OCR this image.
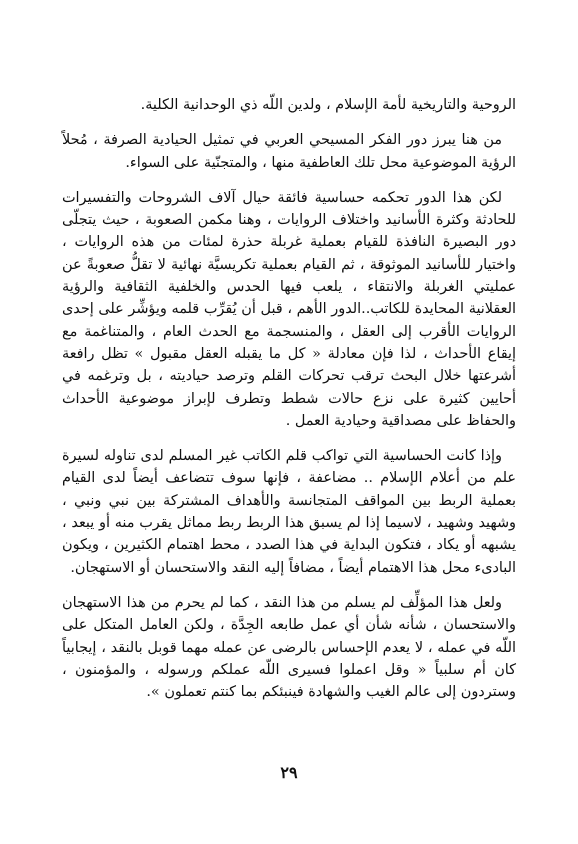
الروحية والتاريخية لأمة الإسلام ، ولدين اللّه ذي الوحدانية الكلية.

من هنا يبرز دور الفكر المسيحي العربي في تمثيل الحيادية الصرفة ، مُحلاً الرؤية الموضوعية محل تلك العاطفية منها ، والمتجنّية على السواء.

لكن هذا الدور تحكمه حساسية فائقة حيال آلاف الشروحات والتفسيرات للحادثة وكثرة الأسانيد واختلاف الروايات ، وهنا مكمن الصعوبة ، حيث يتجلّى دور البصيرة النافذة للقيام بعملية غربلة حذرة لمئات من هذه الروايات ، واختيار للأسانيد الموثوقة ، ثم القيام بعملية تكريسيَّة نهائية لا تقلُّ صعوبةً عن عمليتي الغربلة والانتقاء ، يلعب فيها الحدس والخلفية الثقافية والرؤية العقلانية المحايدة للكاتب..الدور الأهم ، قبل أن يُقرِّب قلمه ويؤشِّر على إحدى الروايات الأقرب إلى العقل ، والمنسجمة مع الحدث العام ، والمتناغمة مع إيقاع الأحداث ، لذا فإن معادلة « كل ما يقبله العقل مقبول » تظل رافعة أشرعتها خلال البحث ترقب تحركات القلم وترصد حياديته ، بل وترغمه في أحايين كثيرة على نزع حالات شطط وتطرف لإبراز موضوعية الأحداث والحفاظ على مصداقية وحيادية العمل .

وإذا كانت الحساسية التي تواكب قلم الكاتب غير المسلم لدى تناوله لسيرة علم من أعلام الإسلام .. مضاعفة ، فإنها سوف تتضاعف أيضاً لدى القيام بعملية الربط بين المواقف المتجانسة والأهداف المشتركة بين نبي ونبي ، وشهيد وشهيد ، لاسيما إذا لم يسبق هذا الربط ربط مماثل يقرب منه أو يبعد ، يشبهه أو يكاد ، فتكون البداية في هذا الصدد ، محط اهتمام الكثيرين ، ويكون البادىء محل هذا الاهتمام أيضاً ، مضافاً إليه النقد والاستحسان أو الاستهجان.

ولعل هذا المؤلِّف لم يسلم من هذا النقد ، كما لم يحرم من هذا الاستهجان والاستحسان ، شأنه شأن أي عمل طابعه الجِدَّة ، ولكن العامل المتكل على اللّه في عمله ، لا يعدم الإحساس بالرضى عن عمله مهما قوبل بالنقد ، إيجابياً كان أم سلبياً « وقل اعملوا فسيرى اللّه عملكم ورسوله ، والمؤمنون ، وستردون إلى عالم الغيب والشهادة فينبئكم بما كنتم تعملون ».

٢٩
